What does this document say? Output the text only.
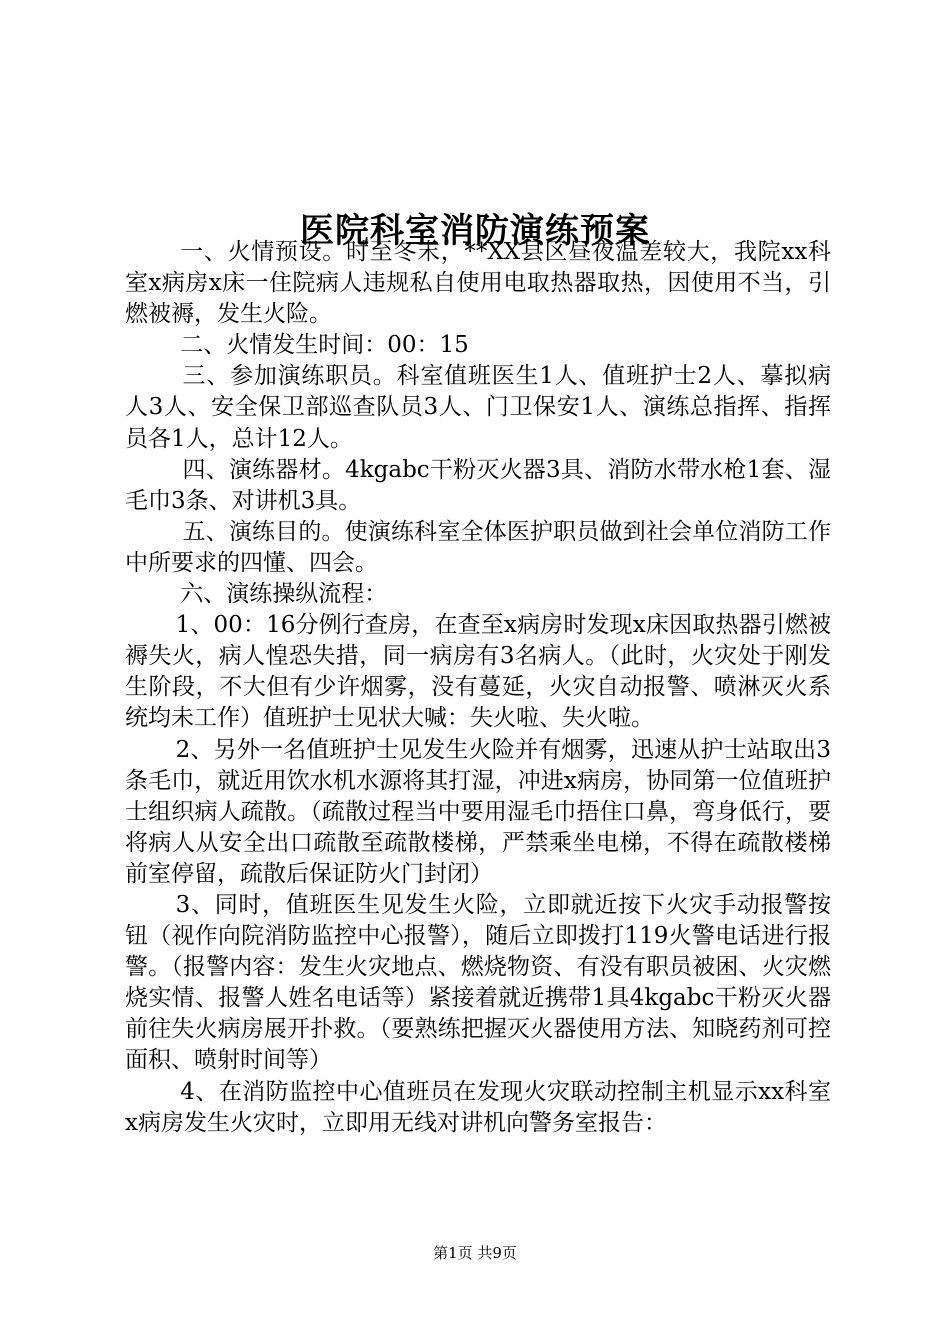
医院科室消防演练预案

一、火情预设。时至冬末，**XX县区昼夜温差较大，我院xx科室x病房x床一住院病人违规私自使用电取热器取热，因使用不当，引燃被褥，发生火险。

二、火情发生时间：00：15

三、参加演练职员。科室值班医生1人、值班护士2人、摹拟病人3人、安全保卫部巡查队员3人、门卫保安1人、演练总指挥、指挥员各1人，总计12人。

四、演练器材。4kgabc干粉灭火器3具、消防水带水枪1套、湿毛巾3条、对讲机3具。

五、演练目的。使演练科室全体医护职员做到社会单位消防工作中所要求的四懂、四会。

六、演练操纵流程：

1、00：16分例行查房，在查至x病房时发现x床因取热器引燃被褥失火，病人惶恐失措，同一病房有3名病人。（此时，火灾处于刚发生阶段，不大但有少许烟雾，没有蔓延，火灾自动报警、喷淋灭火系统均未工作）值班护士见状大喊：失火啦、失火啦。

2、另外一名值班护士见发生火险并有烟雾，迅速从护士站取出3条毛巾，就近用饮水机水源将其打湿，冲进x病房，协同第一位值班护士组织病人疏散。（疏散过程当中要用湿毛巾捂住口鼻，弯身低行，要将病人从安全出口疏散至疏散楼梯，严禁乘坐电梯，不得在疏散楼梯前室停留，疏散后保证防火门封闭）

3、同时，值班医生见发生火险，立即就近按下火灾手动报警按钮（视作向院消防监控中心报警），随后立即拨打119火警电话进行报警。（报警内容：发生火灾地点、燃烧物资、有没有职员被困、火灾燃烧实情、报警人姓名电话等）紧接着就近携带1具4kgabc干粉灭火器前往失火病房展开扑救。（要熟练把握灭火器使用方法、知晓药剂可控面积、喷射时间等）

4、在消防监控中心值班员在发现火灾联动控制主机显示xx科室x病房发生火灾时，立即用无线对讲机向警务室报告：

第1页 共9页
